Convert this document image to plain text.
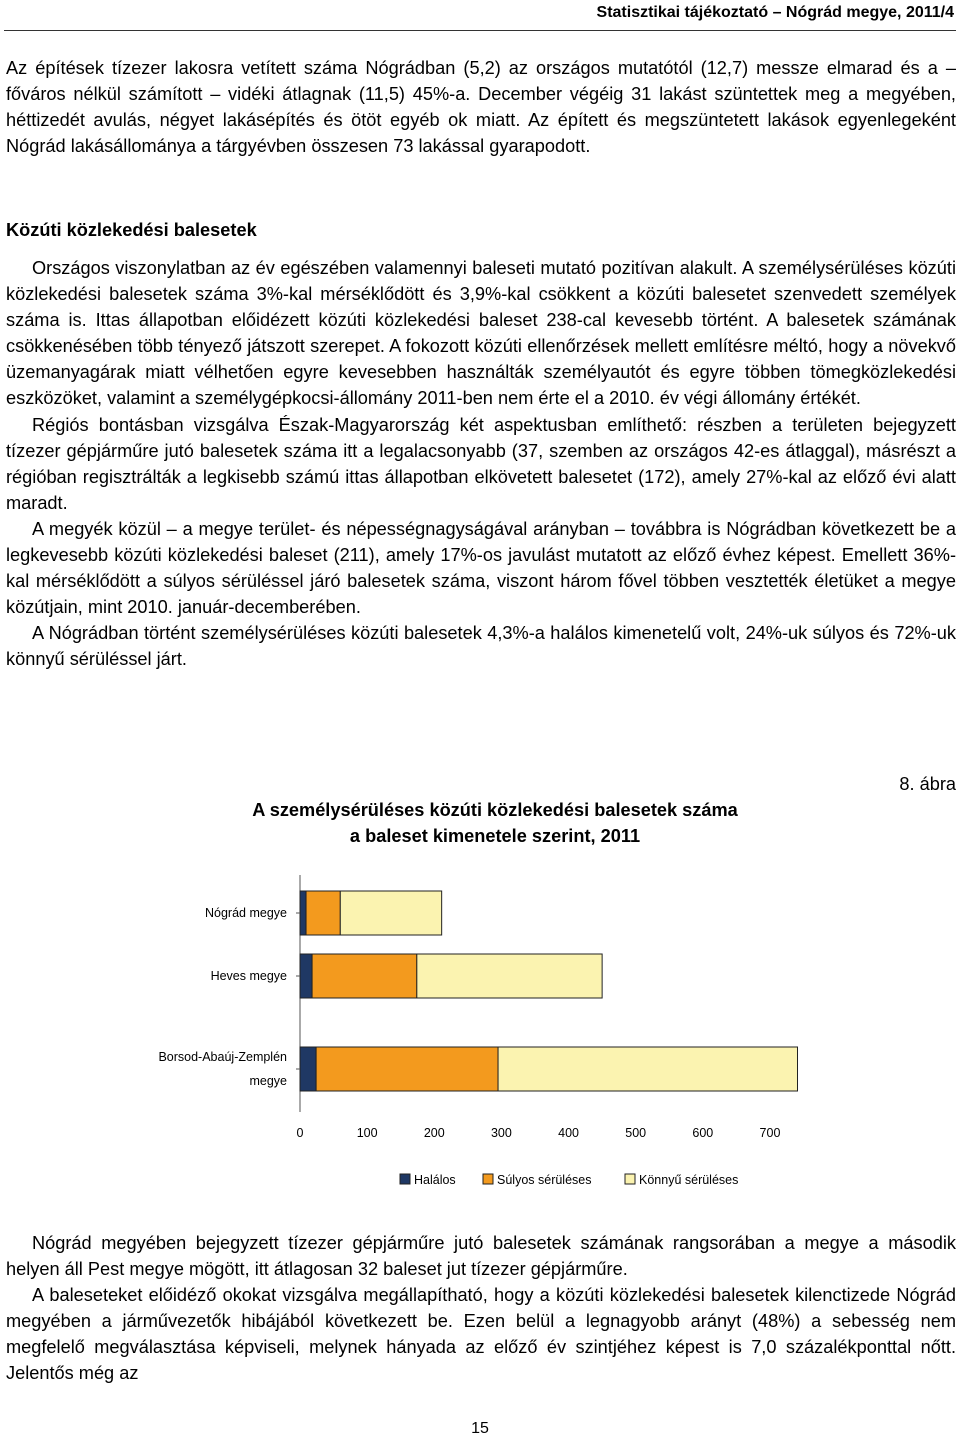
Statisztikai tájékoztató – Nógrád megye, 2011/4

Az építések tízezer lakosra vetített száma Nógrádban (5,2) az országos mutatótól (12,7) messze elmarad és a – főváros nélkül számított – vidéki átlagnak (11,5) 45%-a. December végéig 31 lakást szüntettek meg a megyében, héttizedét avulás, négyet lakásépítés és ötöt egyéb ok miatt. Az épített és megszüntetett lakások egyenlegeként Nógrád lakásállománya a tárgyévben összesen 73 lakással gyarapodott.

Közúti közlekedési balesetek

Országos viszonylatban az év egészében valamennyi baleseti mutató pozitívan alakult. A személysérüléses közúti közlekedési balesetek száma 3%-kal mérséklődött és 3,9%-kal csökkent a közúti balesetet szenvedett személyek száma is. Ittas állapotban előidézett közúti közlekedési baleset 238-cal kevesebb történt. A balesetek számának csökkenésében több tényező játszott szerepet. A fokozott közúti ellenőrzések mellett említésre méltó, hogy a növekvő üzemanyagárak miatt vélhetően egyre kevesebben használták személyautót és egyre többen tömegközlekedési eszközöket, valamint a személygépkocsi-állomány 2011-ben nem érte el a 2010. év végi állomány értékét.

Régiós bontásban vizsgálva Észak-Magyarország két aspektusban említhető: részben a területen bejegyzett tízezer gépjárműre jutó balesetek száma itt a legalacsonyabb (37, szemben az országos 42-es átlaggal), másrészt a régióban regisztrálták a legkisebb számú ittas állapotban elkövetett balesetet (172), amely 27%-kal az előző évi alatt maradt.

A megyék közül – a megye terület- és népességnagyságával arányban – továbbra is Nógrádban következett be a legkevesebb közúti közlekedési baleset (211), amely 17%-os javulást mutatott az előző évhez képest. Emellett 36%-kal mérséklődött a súlyos sérüléssel járó balesetek száma, viszont három fővel többen vesztették életüket a megye közútjain, mint 2010. január-decemberében.

A Nógrádban történt személysérüléses közúti balesetek 4,3%-a halálos kimenetelű volt, 24%-uk súlyos és 72%-uk könnyű sérüléssel járt.

8. ábra
A személysérüléses közúti közlekedési balesetek száma
a baleset kimenetele szerint, 2011
Nógrád megye
Heves megye
Borsod-Abaúj-Zemplén
megye
0	100	200	300	400	500	600	700
Halálos	Súlyos sérüléses	Könnyű sérüléses

Nógrád megyében bejegyzett tízezer gépjárműre jutó balesetek számának rangsorában a megye a második helyen áll Pest megye mögött, itt átlagosan 32 baleset jut tízezer gépjárműre.

A baleseteket előidéző okokat vizsgálva megállapítható, hogy a közúti közlekedési balesetek kilenctizede Nógrád megyében a járművezetők hibájából következett be. Ezen belül a legnagyobb arányt (48%) a sebesség nem megfelelő megválasztása képviseli, melynek hányada az előző év szintjéhez képest is 7,0 százalékponttal nőtt. Jelentős még az

15
